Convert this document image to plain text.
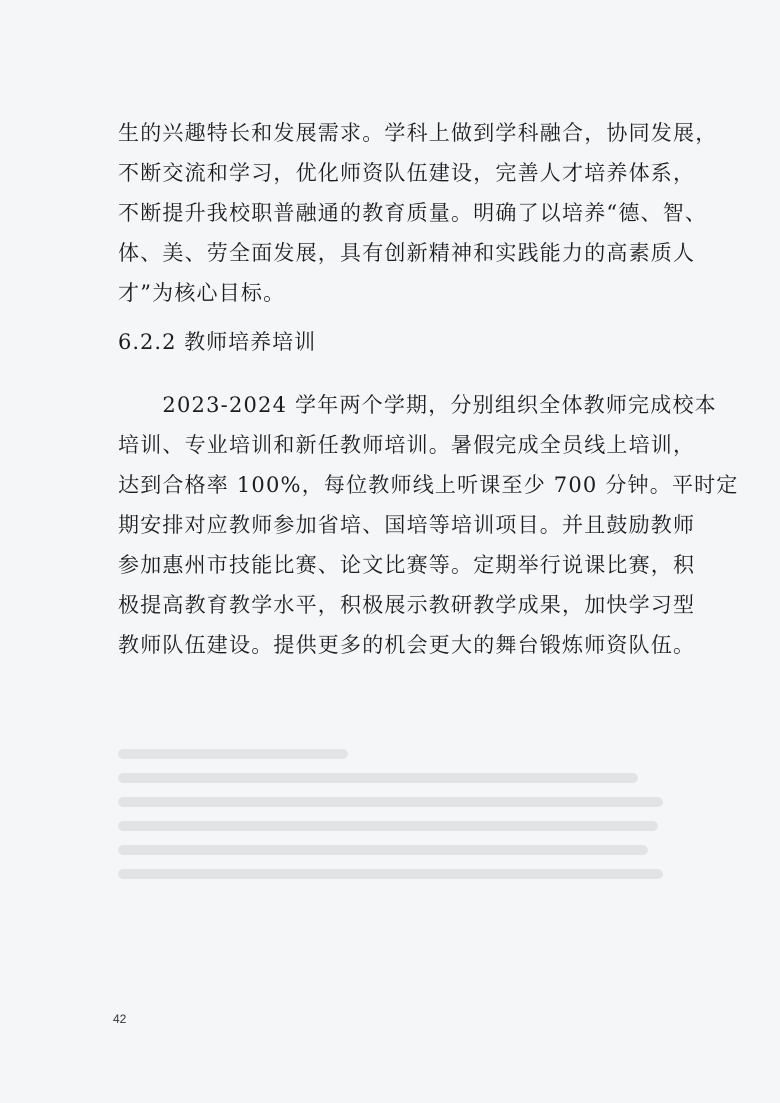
生的兴趣特长和发展需求。学科上做到学科融合，协同发展，
不断交流和学习，优化师资队伍建设，完善人才培养体系，
不断提升我校职普融通的教育质量。明确了以培养“德、智、
体、美、劳全面发展，具有创新精神和实践能力的高素质人
才”为核心目标。
6.2.2 教师培养培训
　　2023-2024 学年两个学期，分别组织全体教师完成校本
培训、专业培训和新任教师培训。暑假完成全员线上培训，
达到合格率 100%，每位教师线上听课至少 700 分钟。平时定
期安排对应教师参加省培、国培等培训项目。并且鼓励教师
参加惠州市技能比赛、论文比赛等。定期举行说课比赛，积
极提高教育教学水平，积极展示教研教学成果，加快学习型
教师队伍建设。提供更多的机会更大的舞台锻炼师资队伍。
42
